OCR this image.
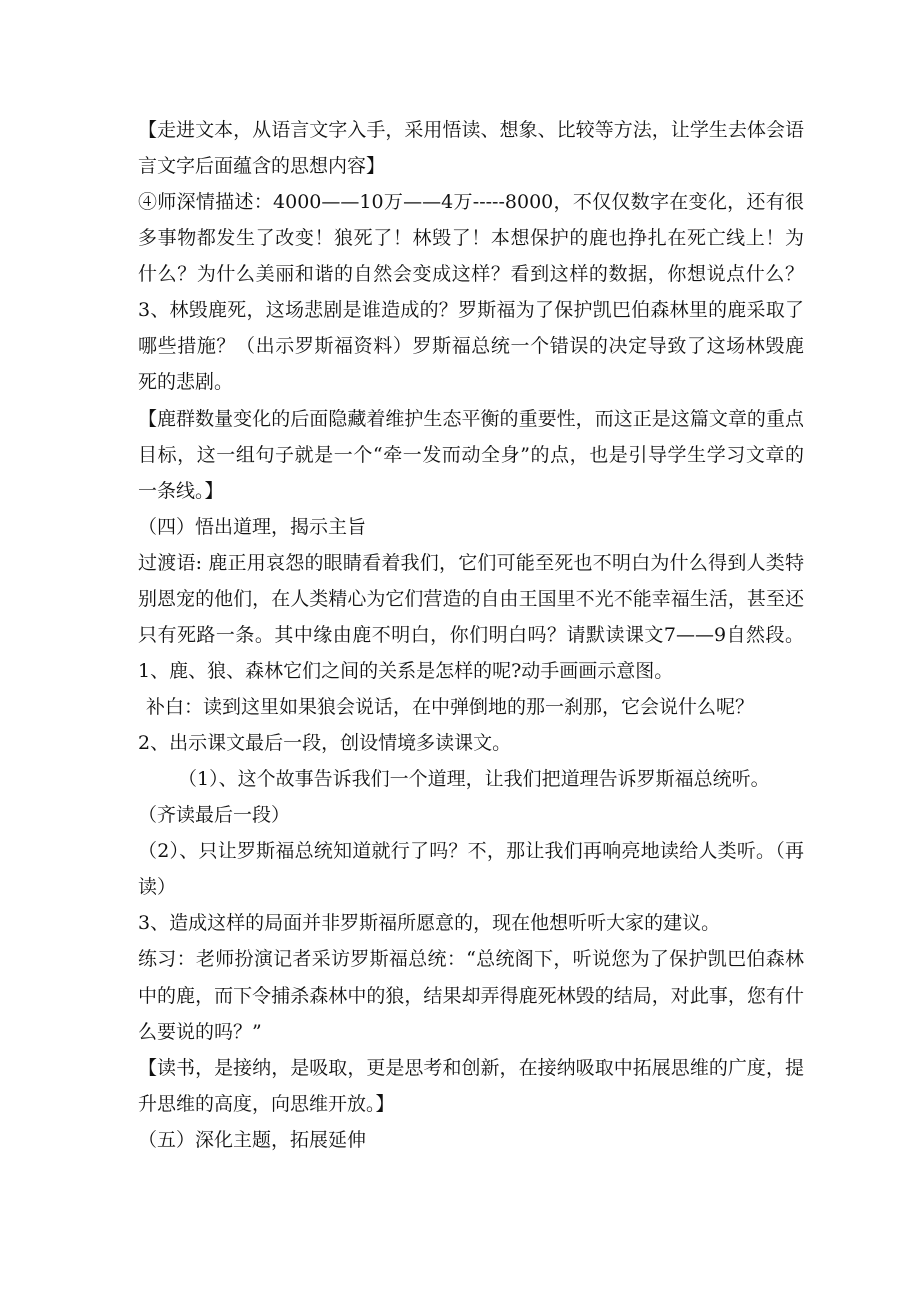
【走进文本，从语言文字入手，采用悟读、想象、比较等方法，让学生去体会语
言文字后面蕴含的思想内容】
④师深情描述：4000——10万——4万-----8000，不仅仅数字在变化，还有很
多事物都发生了改变！狼死了！林毁了！本想保护的鹿也挣扎在死亡线上！为
什么？为什么美丽和谐的自然会变成这样？看到这样的数据，你想说点什么？
3、林毁鹿死，这场悲剧是谁造成的？罗斯福为了保护凯巴伯森林里的鹿采取了
哪些措施？（出示罗斯福资料）罗斯福总统一个错误的决定导致了这场林毁鹿
死的悲剧。
【鹿群数量变化的后面隐藏着维护生态平衡的重要性，而这正是这篇文章的重点
目标，这一组句子就是一个“牵一发而动全身”的点，也是引导学生学习文章的
一条线。】
（四）悟出道理，揭示主旨
过渡语: 鹿正用哀怨的眼睛看着我们，它们可能至死也不明白为什么得到人类特
别恩宠的他们，在人类精心为它们营造的自由王国里不光不能幸福生活，甚至还
只有死路一条。其中缘由鹿不明白，你们明白吗？请默读课文7——9自然段。
1、鹿、狼、森林它们之间的关系是怎样的呢?动手画画示意图。
补白：读到这里如果狼会说话，在中弹倒地的那一刹那，它会说什么呢？
2、出示课文最后一段，创设情境多读课文。
（1）、这个故事告诉我们一个道理，让我们把道理告诉罗斯福总统听。
（齐读最后一段）
（2）、只让罗斯福总统知道就行了吗？不，那让我们再响亮地读给人类听。（再
读）
3、造成这样的局面并非罗斯福所愿意的，现在他想听听大家的建议。
练习：老师扮演记者采访罗斯福总统：“总统阁下，听说您为了保护凯巴伯森林
中的鹿，而下令捕杀森林中的狼，结果却弄得鹿死林毁的结局，对此事，您有什
么要说的吗？”
【读书，是接纳，是吸取，更是思考和创新，在接纳吸取中拓展思维的广度，提
升思维的高度，向思维开放。】
（五）深化主题，拓展延伸
